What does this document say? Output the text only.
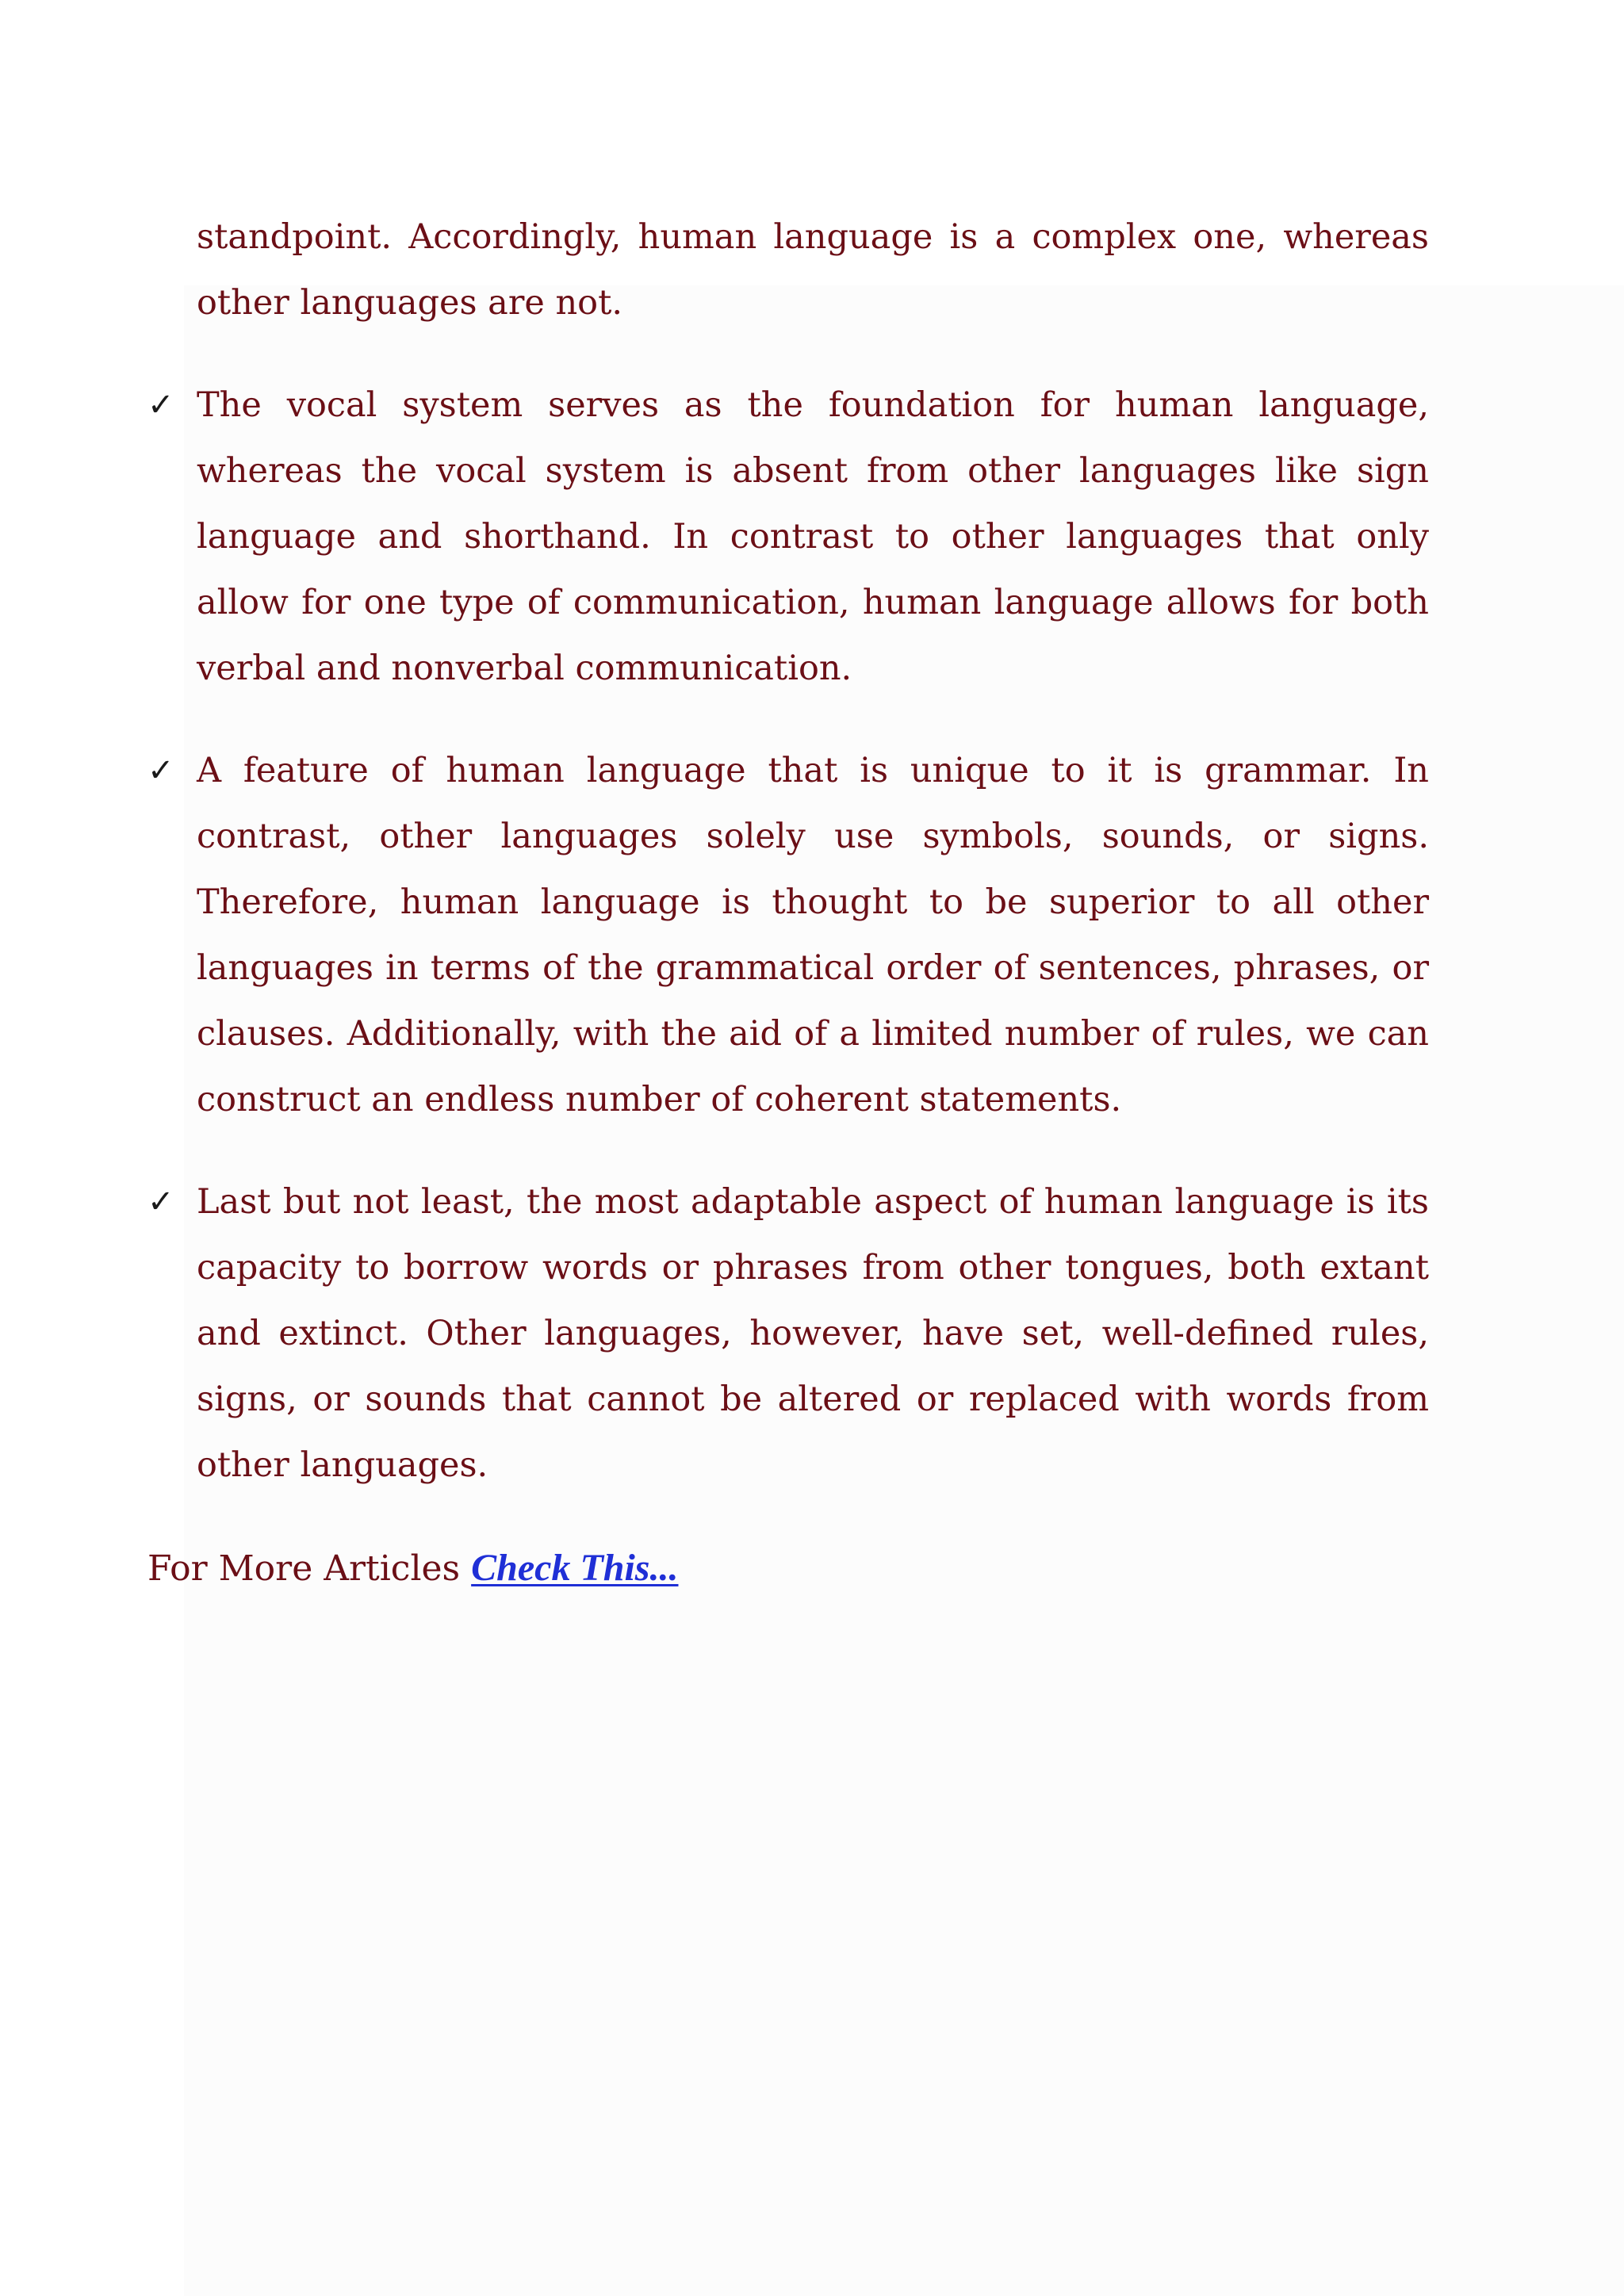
standpoint. Accordingly, human language is a complex one, whereas other languages are not.

✓ The vocal system serves as the foundation for human language, whereas the vocal system is absent from other languages like sign language and shorthand. In contrast to other languages that only allow for one type of communication, human language allows for both verbal and nonverbal communication.

✓ A feature of human language that is unique to it is grammar. In contrast, other languages solely use symbols, sounds, or signs. Therefore, human language is thought to be superior to all other languages in terms of the grammatical order of sentences, phrases, or clauses. Additionally, with the aid of a limited number of rules, we can construct an endless number of coherent statements.

✓ Last but not least, the most adaptable aspect of human language is its capacity to borrow words or phrases from other tongues, both extant and extinct. Other languages, however, have set, well-defined rules, signs, or sounds that cannot be altered or replaced with words from other languages.

For More Articles Check This...
